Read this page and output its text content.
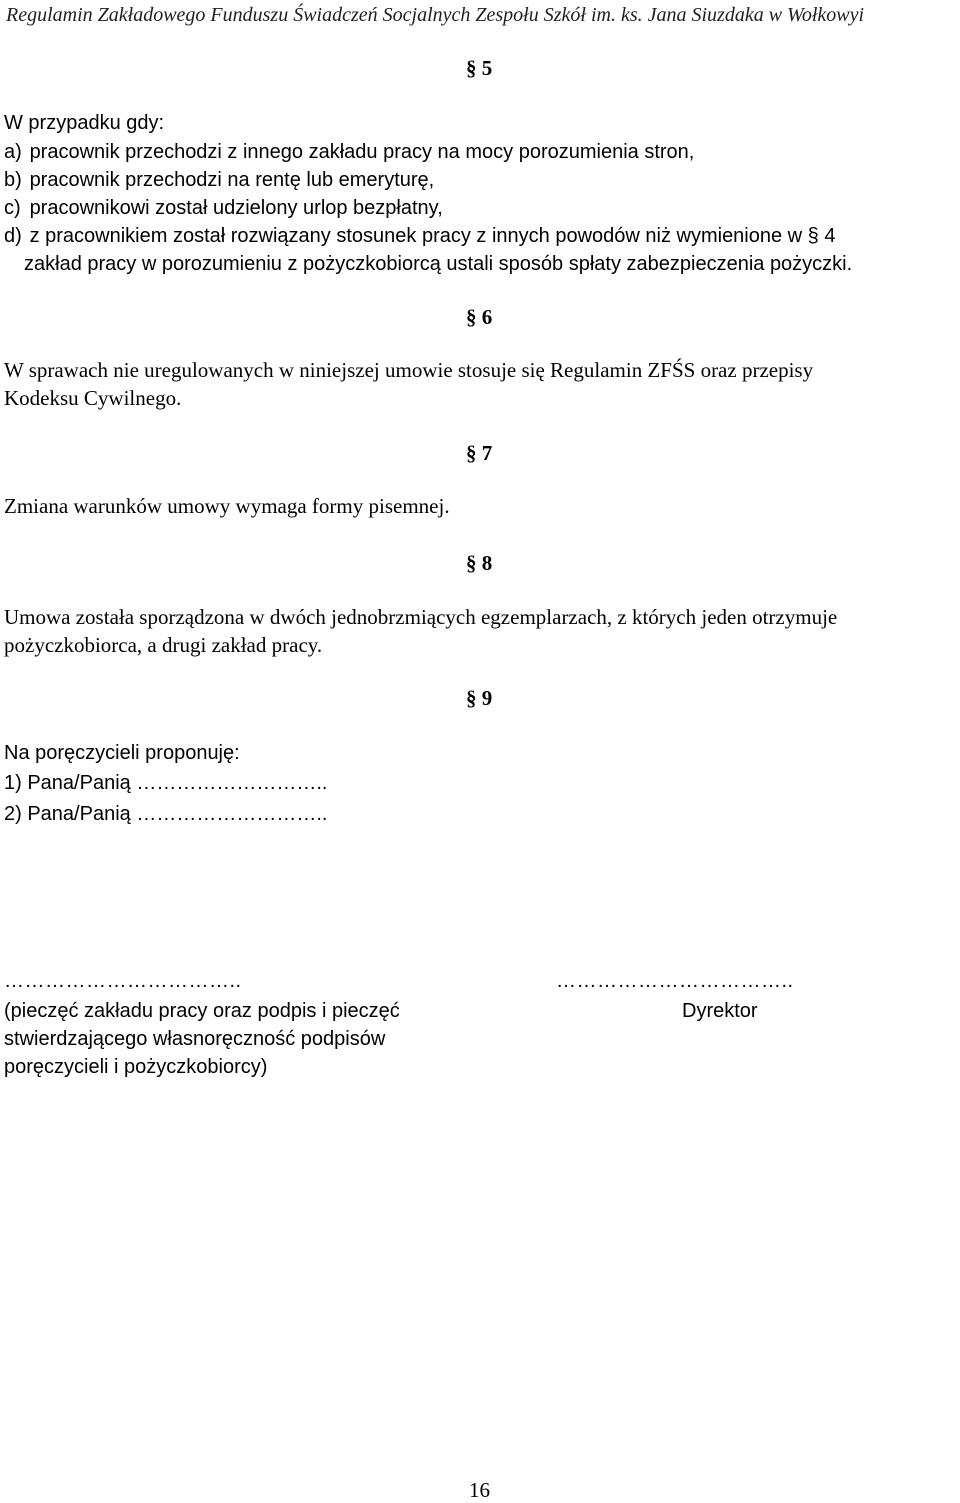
Regulamin Zakładowego Funduszu Świadczeń Socjalnych Zespołu Szkół im. ks. Jana Siuzdaka w Wołkowyi
§ 5
W przypadku gdy:
a) pracownik przechodzi z innego zakładu pracy na mocy porozumienia stron,
b) pracownik przechodzi na rentę lub emeryturę,
c) pracownikowi został udzielony urlop bezpłatny,
d) z pracownikiem został rozwiązany stosunek pracy z innych powodów niż wymienione w § 4
zakład pracy w porozumieniu z pożyczkobiorcą ustali sposób spłaty zabezpieczenia pożyczki.
§ 6
W sprawach nie uregulowanych w niniejszej umowie stosuje się Regulamin ZFŚS oraz przepisy
Kodeksu Cywilnego.
§ 7
Zmiana warunków umowy wymaga formy pisemnej.
§ 8
Umowa została sporządzona w dwóch jednobrzmiących egzemplarzach, z których jeden otrzymuje
pożyczkobiorca, a drugi zakład pracy.
§ 9
Na poręczycieli proponuję:
1) Pana/Panią ………………………..
2) Pana/Panią ………………………..
……………………………..
(pieczęć zakładu pracy oraz podpis i pieczęć
stwierdzającego własnoręczność podpisów
poręczycieli i pożyczkobiorcy)
……………………………..
Dyrektor
16
